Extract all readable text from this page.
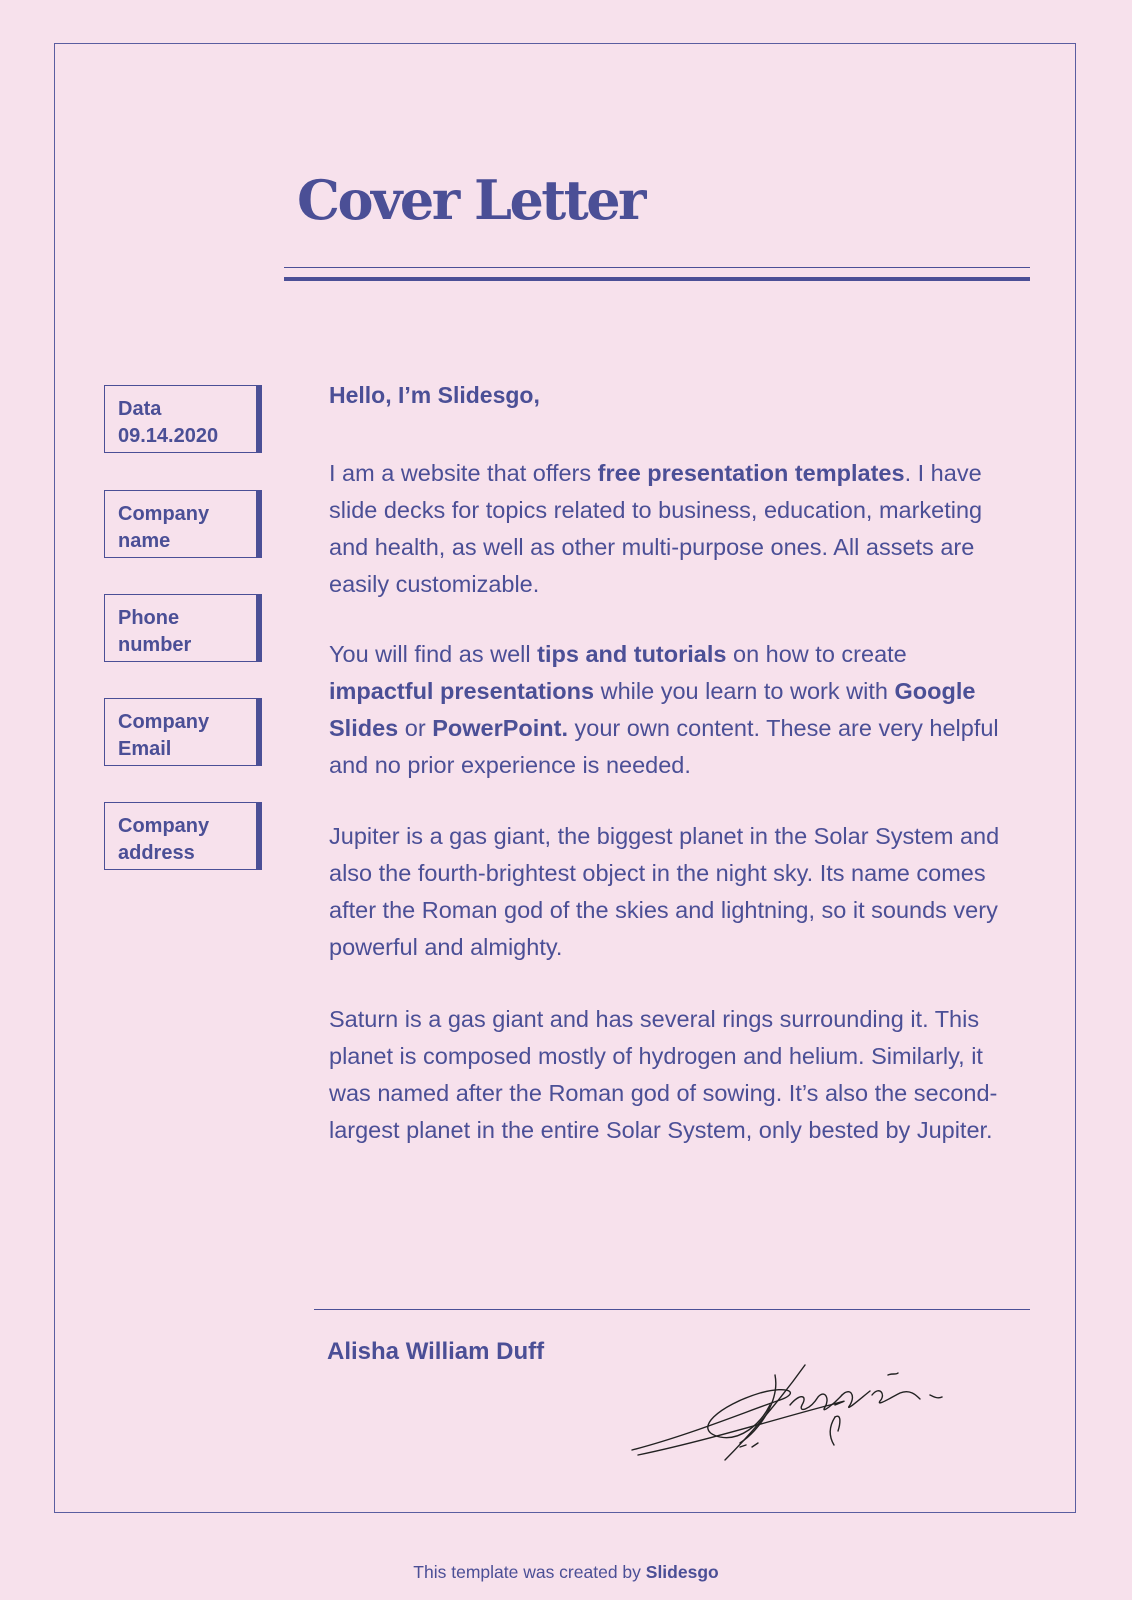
Cover Letter
Data
09.14.2020
Company
name
Phone
number
Company
Email
Company
address

Hello, I’m Slidesgo,

I am a website that offers free presentation templates. I have slide decks for topics related to business, education, marketing and health, as well as other multi-purpose ones. All assets are easily customizable.

You will find as well tips and tutorials on how to create impactful presentations while you learn to work with Google Slides or PowerPoint. your own content. These are very helpful and no prior experience is needed.

Jupiter is a gas giant, the biggest planet in the Solar System and also the fourth-brightest object in the night sky. Its name comes after the Roman god of the skies and lightning, so it sounds very powerful and almighty.

Saturn is a gas giant and has several rings surrounding it. This planet is composed mostly of hydrogen and helium. Similarly, it was named after the Roman god of sowing. It’s also the second-largest planet in the entire Solar System, only bested by Jupiter.

Alisha William Duff

This template was created by Slidesgo
